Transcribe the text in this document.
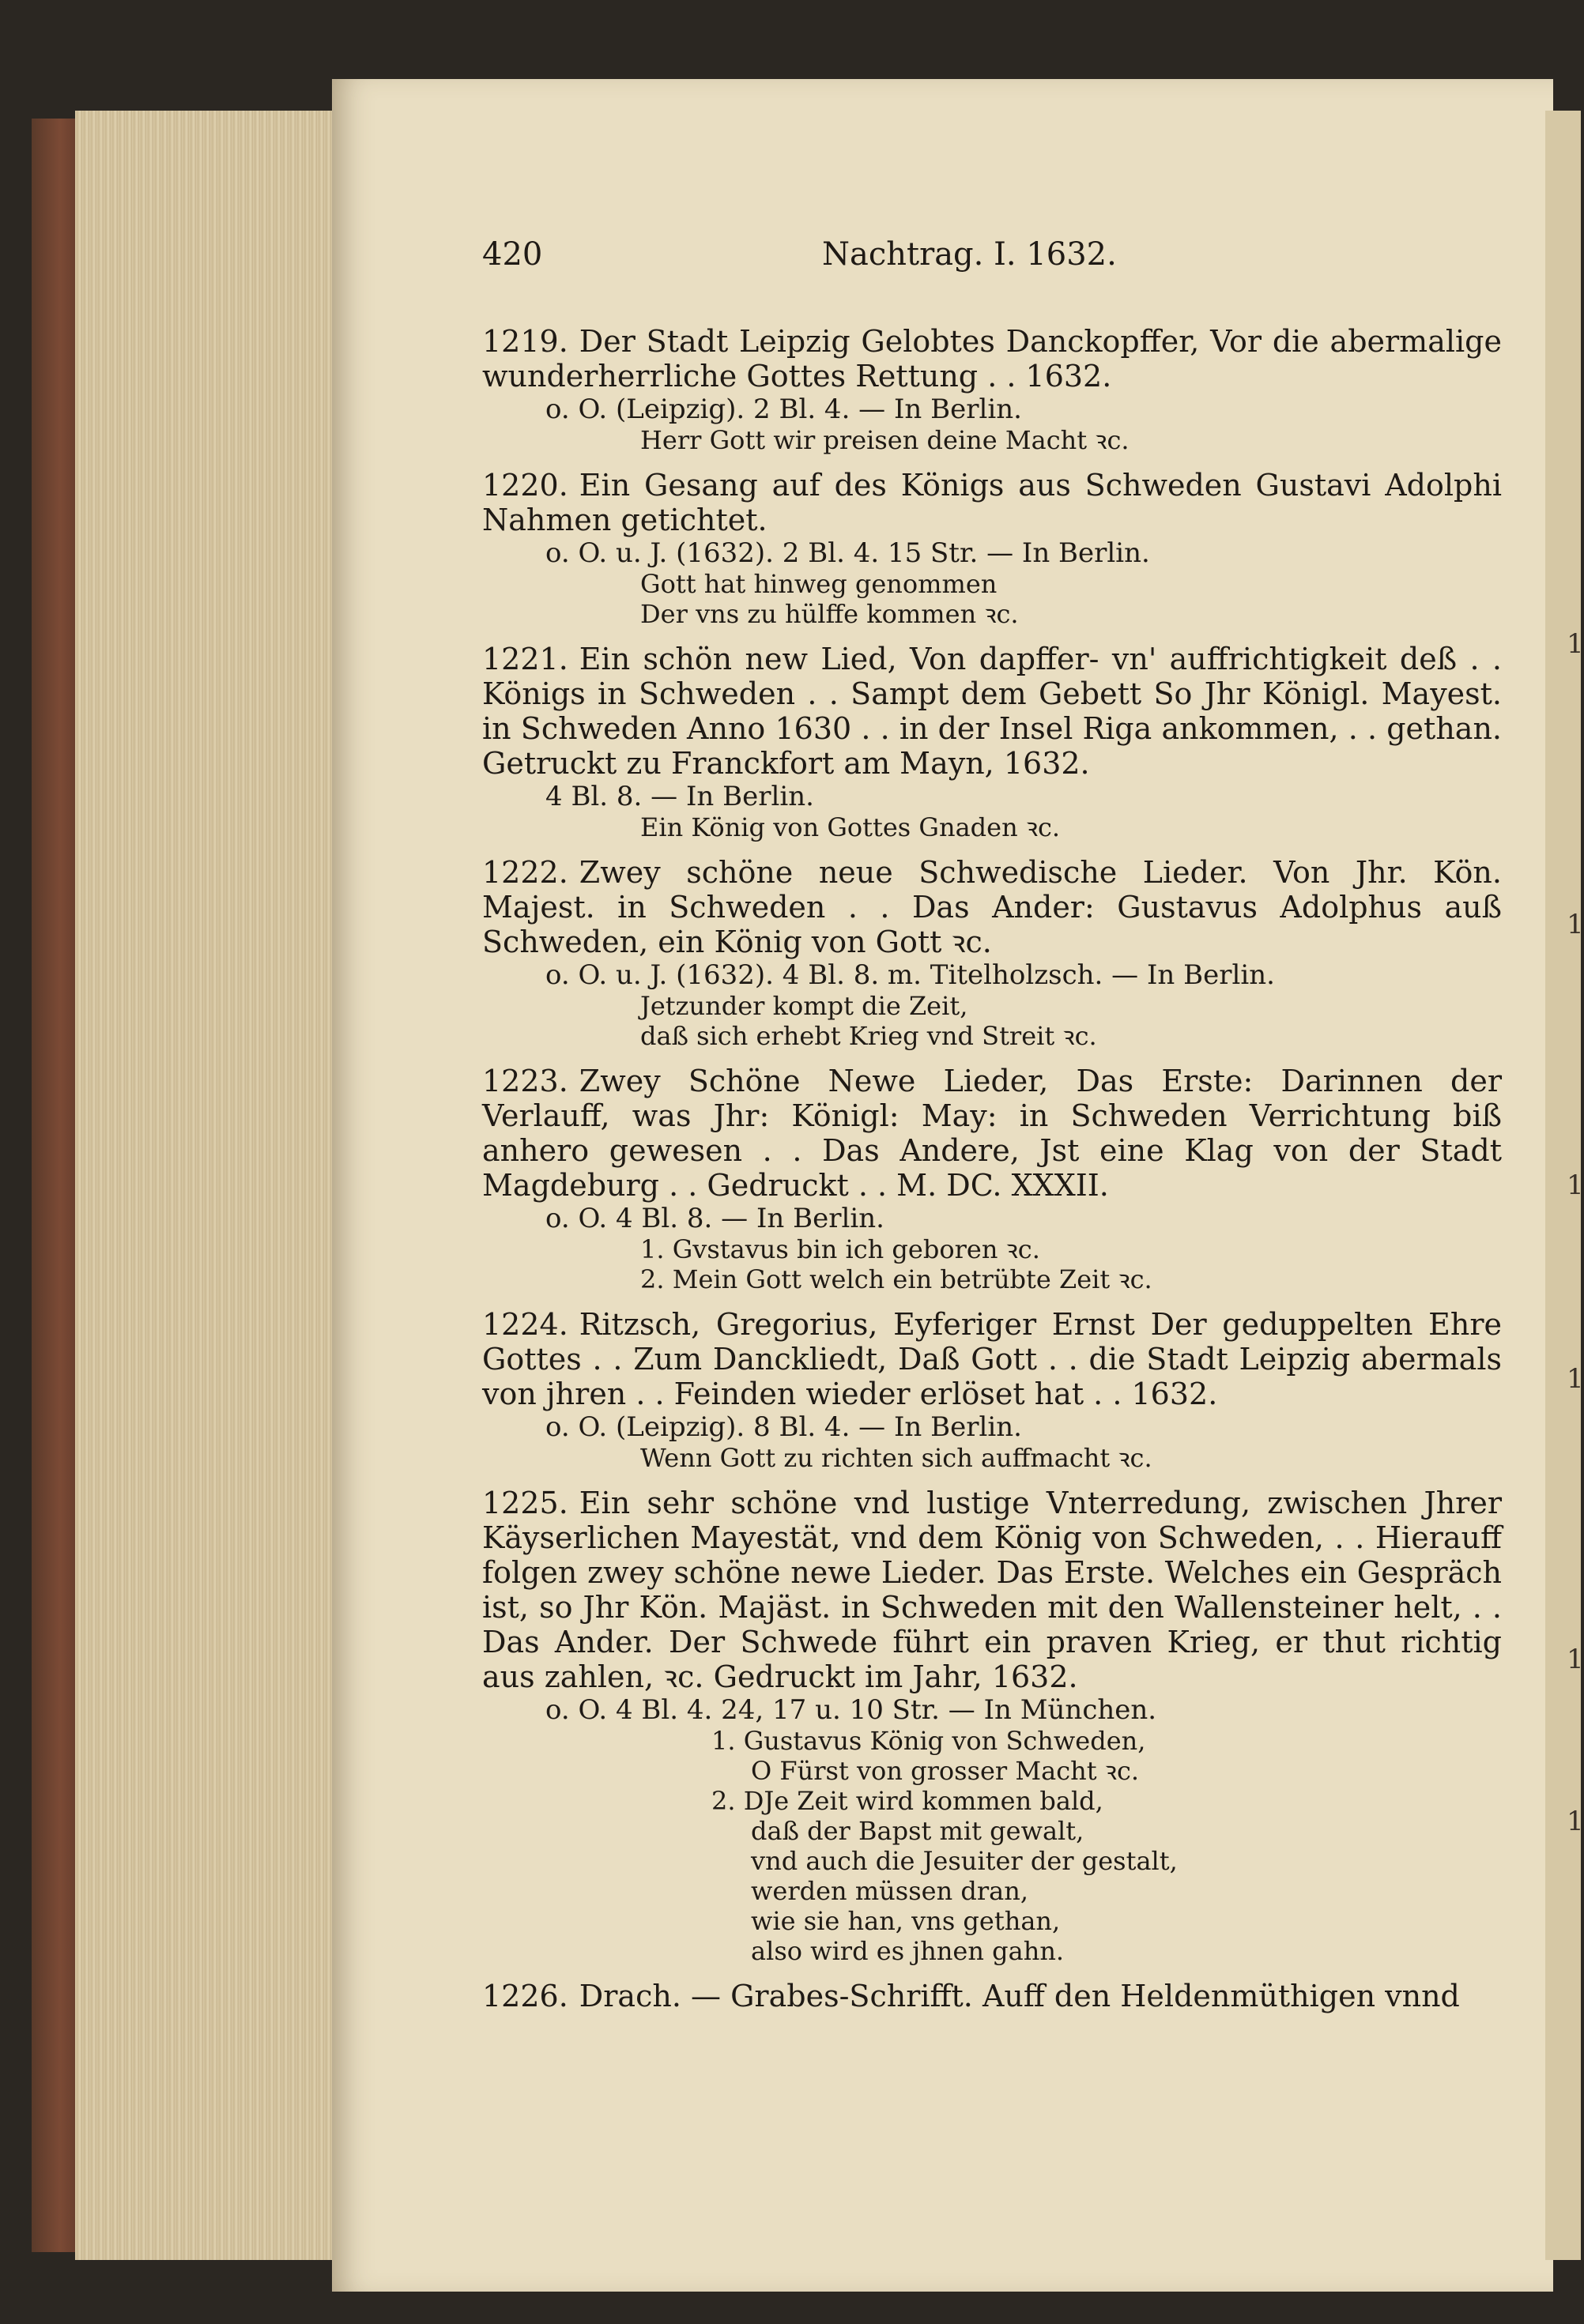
1
1
1
1
1
1
420	Nachtrag. I. 1632.

1219. Der Stadt Leipzig Gelobtes Danckopffer, Vor die abermalige wunderherrliche Gottes Rettung . . 1632.

o. O. (Leipzig). 2 Bl. 4. — In Berlin.

Herr Gott wir preisen deine Macht ꝛc.

1220. Ein Gesang auf des Königs aus Schweden Gustavi Adolphi Nahmen getichtet.

o. O. u. J. (1632). 2 Bl. 4. 15 Str. — In Berlin.

Gott hat hinweg genommen

Der vns zu hülffe kommen ꝛc.

1221. Ein schön new Lied, Von dapffer- vn' auffrichtigkeit deß . . Königs in Schweden . . Sampt dem Gebett So Jhr Königl. Mayest. in Schweden Anno 1630 . . in der Insel Riga ankommen, . . gethan. Getruckt zu Franckfort am Mayn, 1632.

4 Bl. 8. — In Berlin.

Ein König von Gottes Gnaden ꝛc.

1222. Zwey schöne neue Schwedische Lieder. Von Jhr. Kön. Majest. in Schweden . . Das Ander: Gustavus Adolphus auß Schweden, ein König von Gott ꝛc.

o. O. u. J. (1632). 4 Bl. 8. m. Titelholzsch. — In Berlin.

Jetzunder kompt die Zeit,

daß sich erhebt Krieg vnd Streit ꝛc.

1223. Zwey Schöne Newe Lieder, Das Erste: Darinnen der Verlauff, was Jhr: Königl: May: in Schweden Verrichtung biß anhero gewesen . . Das Andere, Jst eine Klag von der Stadt Magdeburg . . Gedruckt . . M. DC. XXXII.

o. O. 4 Bl. 8. — In Berlin.

1. Gvstavus bin ich geboren ꝛc.

2. Mein Gott welch ein betrübte Zeit ꝛc.

1224. Ritzsch, Gregorius, Eyferiger Ernst Der geduppelten Ehre Gottes . . Zum Danckliedt, Daß Gott . . die Stadt Leipzig abermals von jhren . . Feinden wieder erlöset hat . . 1632.

o. O. (Leipzig). 8 Bl. 4. — In Berlin.

Wenn Gott zu richten sich auffmacht ꝛc.

1225. Ein sehr schöne vnd lustige Vnterredung, zwischen Jhrer Käyserlichen Mayestät, vnd dem König von Schweden, . . Hierauff folgen zwey schöne newe Lieder. Das Erste. Welches ein Gespräch ist, so Jhr Kön. Majäst. in Schweden mit den Wallensteiner helt, . . Das Ander. Der Schwede führt ein praven Krieg, er thut richtig aus zahlen, ꝛc. Gedruckt im Jahr, 1632.

o. O. 4 Bl. 4. 24, 17 u. 10 Str. — In München.

1. Gustavus König von Schweden,

O Fürst von grosser Macht ꝛc.

2. DJe Zeit wird kommen bald,

daß der Bapst mit gewalt,

vnd auch die Jesuiter der gestalt,

werden müssen dran,

wie sie han, vns gethan,

also wird es jhnen gahn.

1226. Drach. — Grabes-Schrifft. Auff den Heldenmüthigen vnnd
